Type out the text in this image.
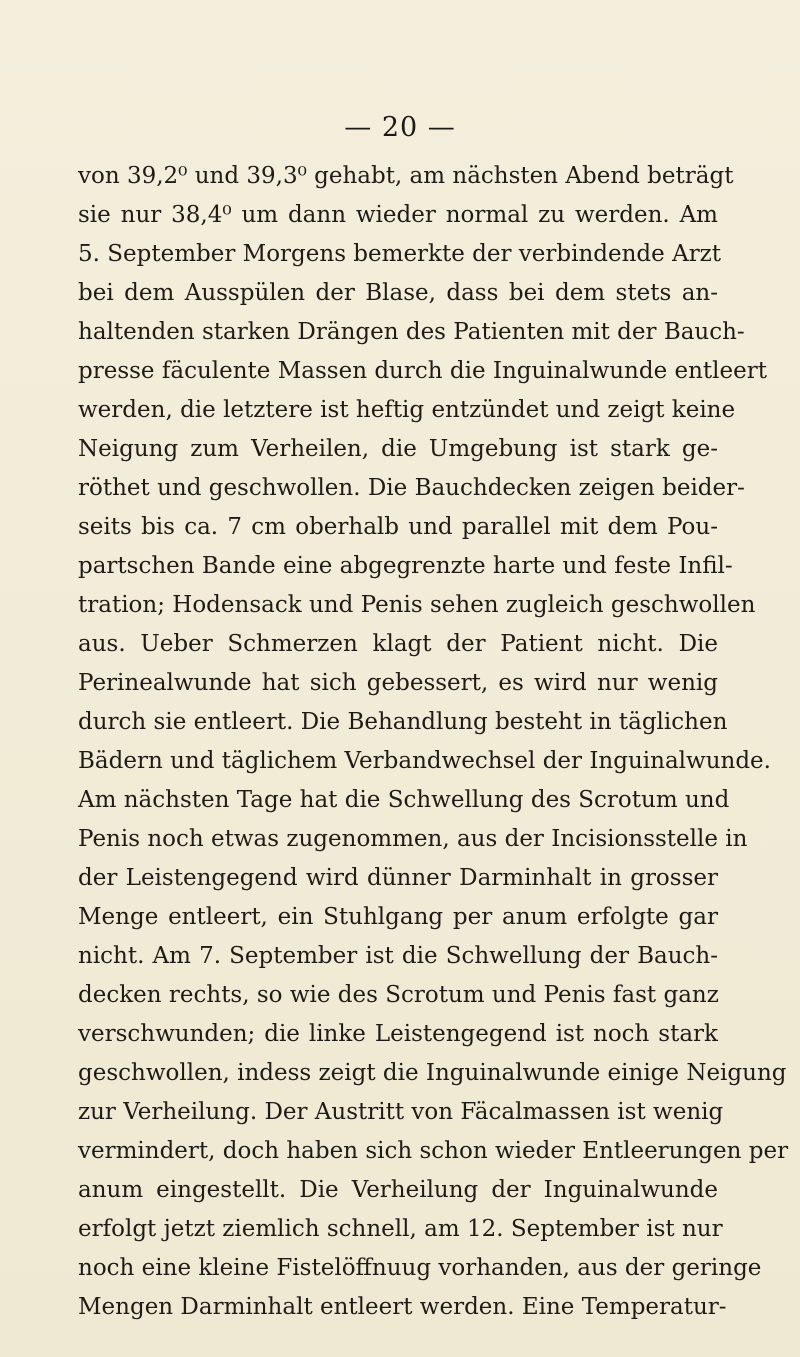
— 20 —
von 39,2⁰ und 39,3⁰ gehabt, am nächsten Abend beträgt
sie nur 38,4⁰ um dann wieder normal zu werden. Am
5. September Morgens bemerkte der verbindende Arzt
bei dem Ausspülen der Blase, dass bei dem stets an-
haltenden starken Drängen des Patienten mit der Bauch-
presse fäculente Massen durch die Inguinalwunde entleert
werden, die letztere ist heftig entzündet und zeigt keine
Neigung zum Verheilen, die Umgebung ist stark ge-
röthet und geschwollen. Die Bauchdecken zeigen beider-
seits bis ca. 7 cm oberhalb und parallel mit dem Pou-
partschen Bande eine abgegrenzte harte und feste Infil-
tration; Hodensack und Penis sehen zugleich geschwollen
aus. Ueber Schmerzen klagt der Patient nicht. Die
Perinealwunde hat sich gebessert, es wird nur wenig
durch sie entleert. Die Behandlung besteht in täglichen
Bädern und täglichem Verbandwechsel der Inguinalwunde.
Am nächsten Tage hat die Schwellung des Scrotum und
Penis noch etwas zugenommen, aus der Incisionsstelle in
der Leistengegend wird dünner Darminhalt in grosser
Menge entleert, ein Stuhlgang per anum erfolgte gar
nicht. Am 7. September ist die Schwellung der Bauch-
decken rechts, so wie des Scrotum und Penis fast ganz
verschwunden; die linke Leistengegend ist noch stark
geschwollen, indess zeigt die Inguinalwunde einige Neigung
zur Verheilung. Der Austritt von Fäcalmassen ist wenig
vermindert, doch haben sich schon wieder Entleerungen per
anum eingestellt. Die Verheilung der Inguinalwunde
erfolgt jetzt ziemlich schnell, am 12. September ist nur
noch eine kleine Fistelöffnuug vorhanden, aus der geringe
Mengen Darminhalt entleert werden. Eine Temperatur-
